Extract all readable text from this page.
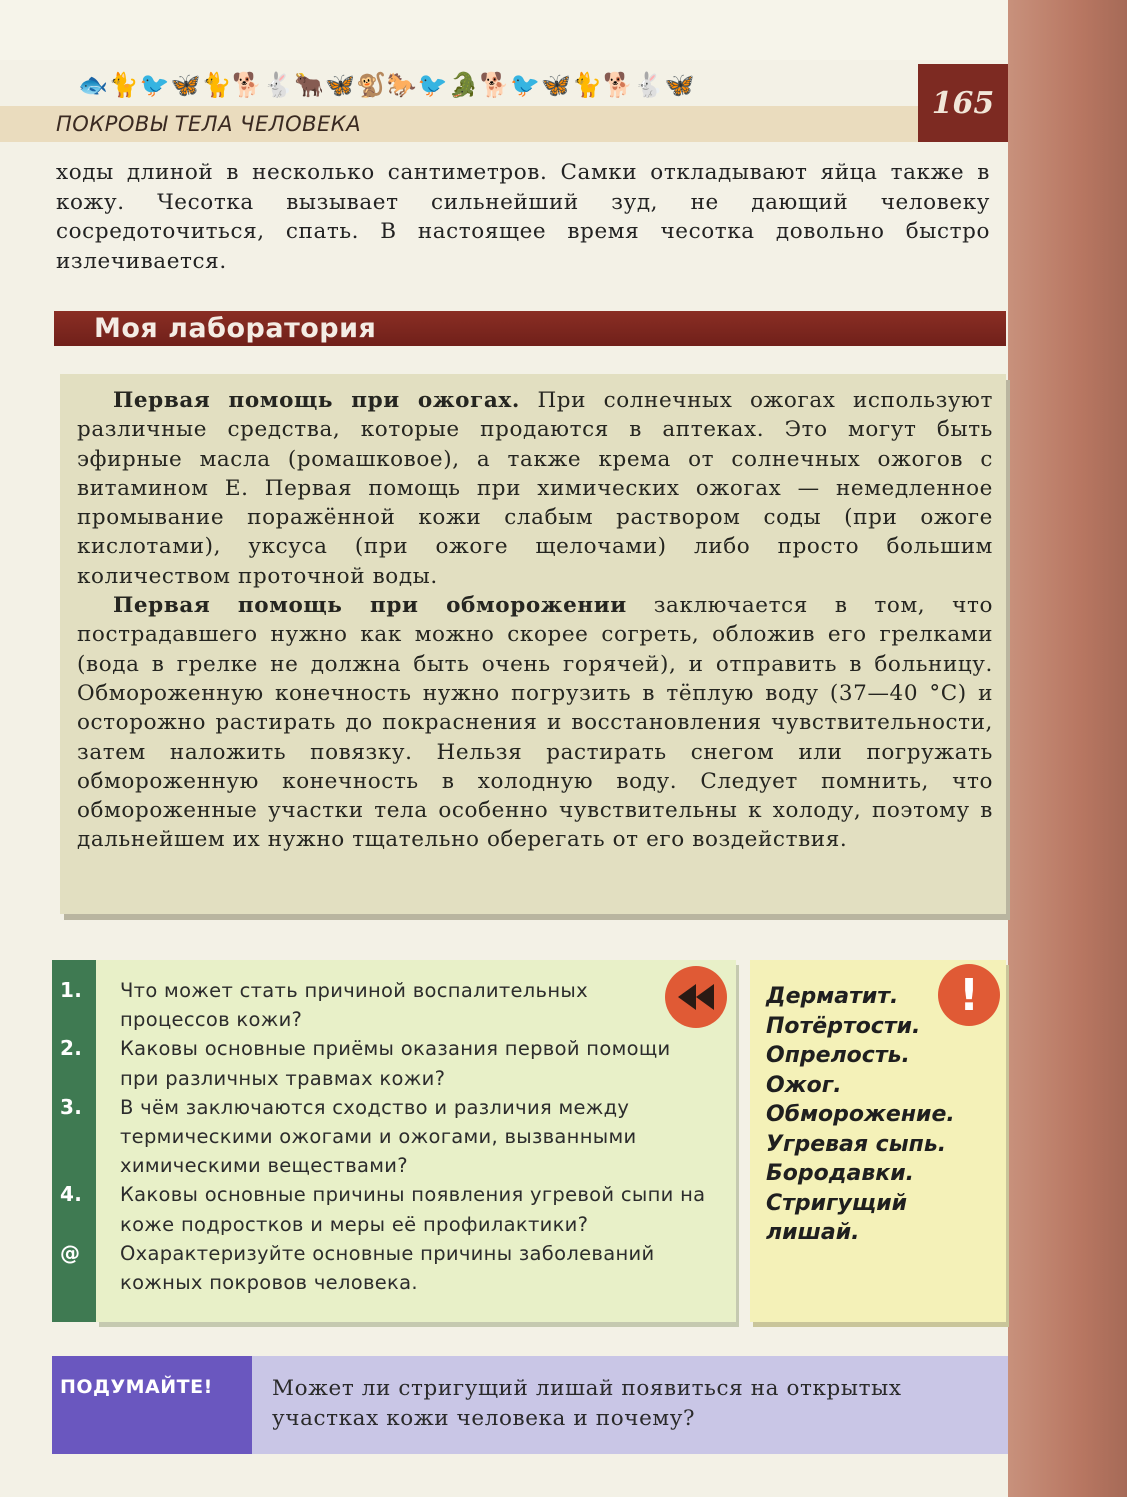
🐟🐈🐦🦋🐈🐕🐇🐂🦋🐒🐎🐦🐊🐕🐦🦋🐈🐕🐇🦋
ПОКРОВЫ ТЕЛА ЧЕЛОВЕКА
165
ходы длиной в несколько сантиметров. Самки откладывают яйца также в кожу. Чесотка вызывает сильнейший зуд, не дающий человеку сосредоточиться, спать. В настоящее время чесотка довольно быстро излечивается.
Моя лаборатория

Первая помощь при ожогах. При солнечных ожогах используют различные средства, которые продаются в аптеках. Это могут быть эфирные масла (ромашковое), а также крема от солнечных ожогов с витамином Е. Первая помощь при химических ожогах — немедленное промывание поражённой кожи слабым раствором соды (при ожоге кислотами), уксуса (при ожоге щелочами) либо просто большим количеством проточной воды.

Первая помощь при обморожении заключается в том, что пострадавшего нужно как можно скорее согреть, обложив его грелками (вода в грелке не должна быть очень горячей), и отправить в больницу. Обмороженную конечность нужно погрузить в тёплую воду (37—40 °С) и осторожно растирать до покраснения и восстановления чувствительности, затем наложить повязку. Нельзя растирать снегом или погружать обмороженную конечность в холодную воду. Следует помнить, что обмороженные участки тела особенно чувствительны к холоду, поэтому в дальнейшем их нужно тщательно оберегать от его воздействия.

1.	Что может стать причиной воспалительных процессов кожи?
2.	Каковы основные приёмы оказания первой помощи при различных травмах кожи?
3.	В чём заключаются сходство и различия между термическими ожогами и ожогами, вызванными химическими веществами?
4.	Каковы основные причины появления угревой сыпи на коже подростков и меры её профилактики?
@	Охарактеризуйте основные причины заболеваний кожных покровов человека.
!
Дерматит.
Потёртости.
Опрелость.
Ожог.
Обморожение.
Угревая сыпь.
Бородавки.
Стригущий
лишай.
ПОДУМАЙТЕ!	Может ли стригущий лишай появиться на открытых участках кожи человека и почему?
